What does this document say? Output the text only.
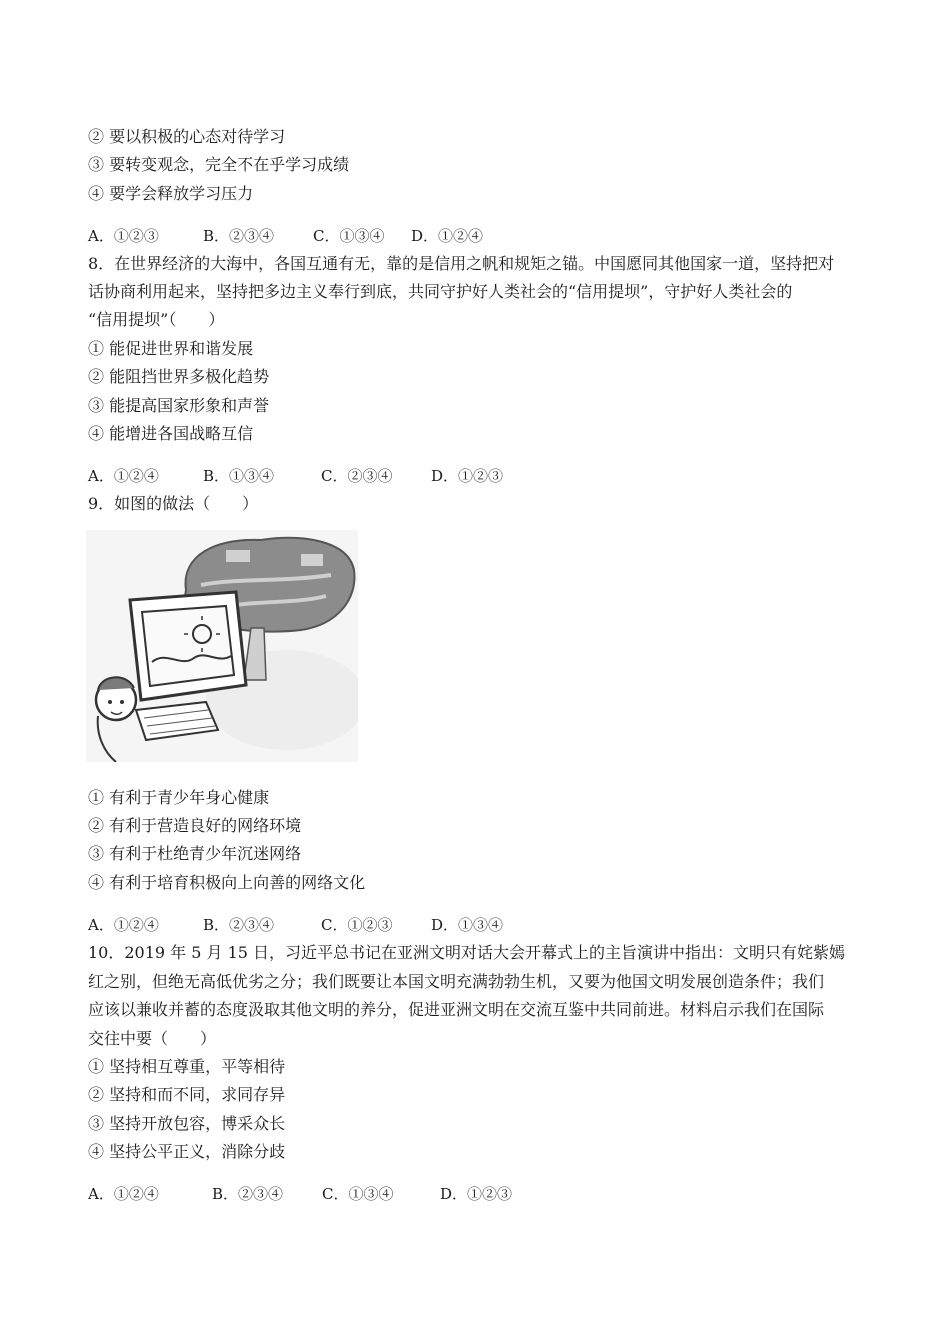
② 要以积极的心态对待学习
③ 要转变观念，完全不在乎学习成绩
④ 要学会释放学习压力
A．①②③	B．②③④	C．①③④ D．①②④
8．在世界经济的大海中，各国互通有无，靠的是信用之帆和规矩之锚。中国愿同其他国家一道，坚持把对
话协商利用起来，坚持把多边主义奉行到底，共同守护好人类社会的“信用提坝”，守护好人类社会的
“信用提坝”（　　）
① 能促进世界和谐发展
② 能阻挡世界多极化趋势
③ 能提高国家形象和声誉
④ 能增进各国战略互信
A．①②④	B．①③④	C．②③④	D．①②③
9．如图的做法（　　）
① 有利于青少年身心健康
② 有利于营造良好的网络环境
③ 有利于杜绝青少年沉迷网络
④ 有利于培育积极向上向善的网络文化
A．①②④	B．②③④	C．①②③	D．①③④
10．2019 年 5 月 15 日，习近平总书记在亚洲文明对话大会开幕式上的主旨演讲中指出：文明只有姹紫嫣
红之别，但绝无高低优劣之分；我们既要让本国文明充满勃勃生机，又要为他国文明发展创造条件；我们
应该以兼收并蓄的态度汲取其他文明的养分，促进亚洲文明在交流互鉴中共同前进。材料启示我们在国际
交往中要（　　）
① 坚持相互尊重，平等相待
② 坚持和而不同，求同存异
③ 坚持开放包容，博采众长
④ 坚持公平正义，消除分歧
A．①②④	B．②③④	C．①③④	D．①②③
